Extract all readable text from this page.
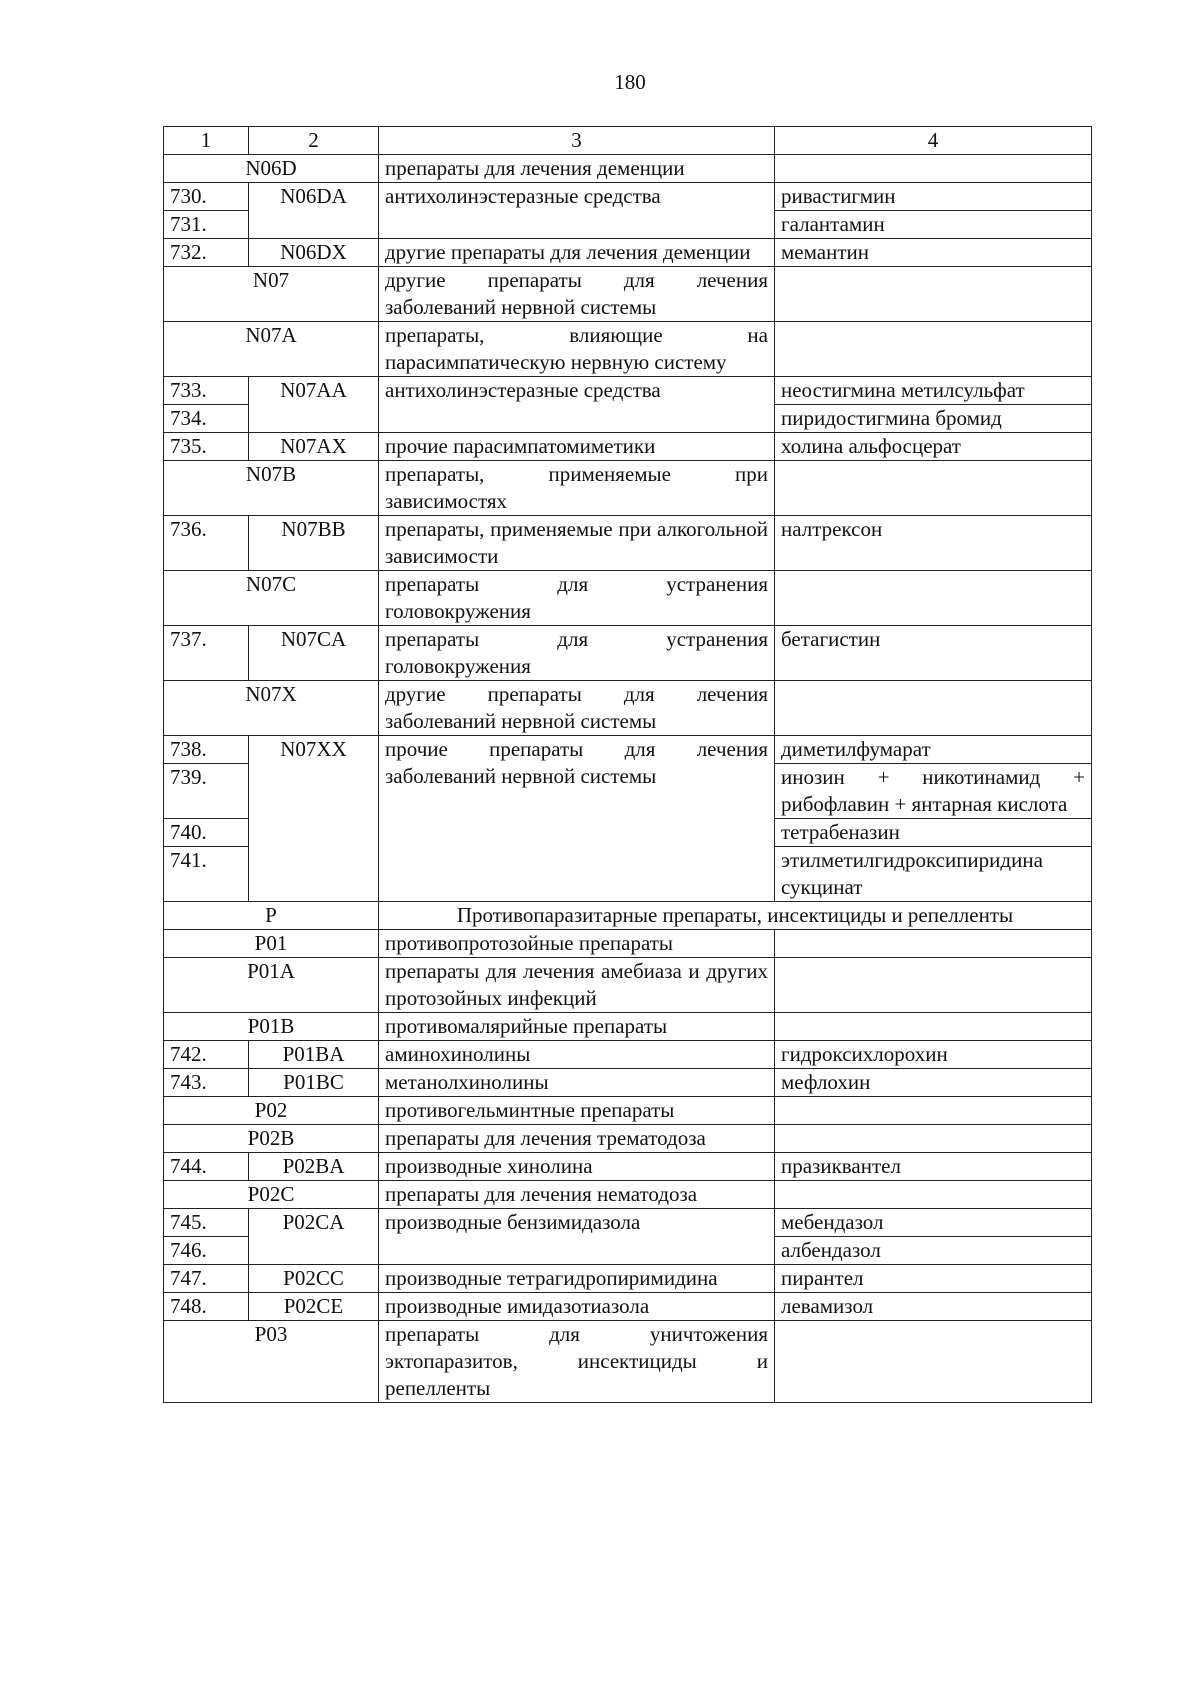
180
1	2	3	4
N06D		препараты для лечения деменции	
730.	N06DA	антихолинэстеразные средства	ривастигмин
731.			галантамин
732.	N06DX	другие препараты для лечения деменции	мемантин
N07		другие препараты для лечения заболеваний нервной системы	
N07A		препараты, влияющие на парасимпатическую нервную систему	
733.	N07AA	антихолинэстеразные средства	неостигмина метилсульфат
734.			пиридостигмина бромид
735.	N07AX	прочие парасимпатомиметики	холина альфосцерат
N07B		препараты, применяемые при зависимостях	
736.	N07BB	препараты, применяемые при алкогольной зависимости	налтрексон
N07C		препараты для устранения головокружения	
737.	N07CA	препараты для устранения головокружения	бетагистин
N07X		другие препараты для лечения заболеваний нервной системы	
738.	N07XX	прочие препараты для лечения заболеваний нервной системы	диметилфумарат
739.			инозин + никотинамид + рибофлавин + янтарная кислота
740.			тетрабеназин
741.			этилметилгидроксипиридина сукцинат
P		Противопаразитарные препараты, инсектициды и репелленты	
P01		противопротозойные препараты	
P01A		препараты для лечения амебиаза и других протозойных инфекций	
P01B		противомалярийные препараты	
742.	P01BA	аминохинолины	гидроксихлорохин
743.	P01BC	метанолхинолины	мефлохин
P02		противогельминтные препараты	
P02B		препараты для лечения трематодоза	
744.	P02BA	производные хинолина	празиквантел
P02C		препараты для лечения нематодоза	
745.	P02CA	производные бензимидазола	мебендазол
746.			албендазол
747.	P02CC	производные тетрагидропиримидина	пирантел
748.	P02CE	производные имидазотиазола	левамизол
P03		препараты для уничтожения эктопаразитов, инсектициды и репелленты	
